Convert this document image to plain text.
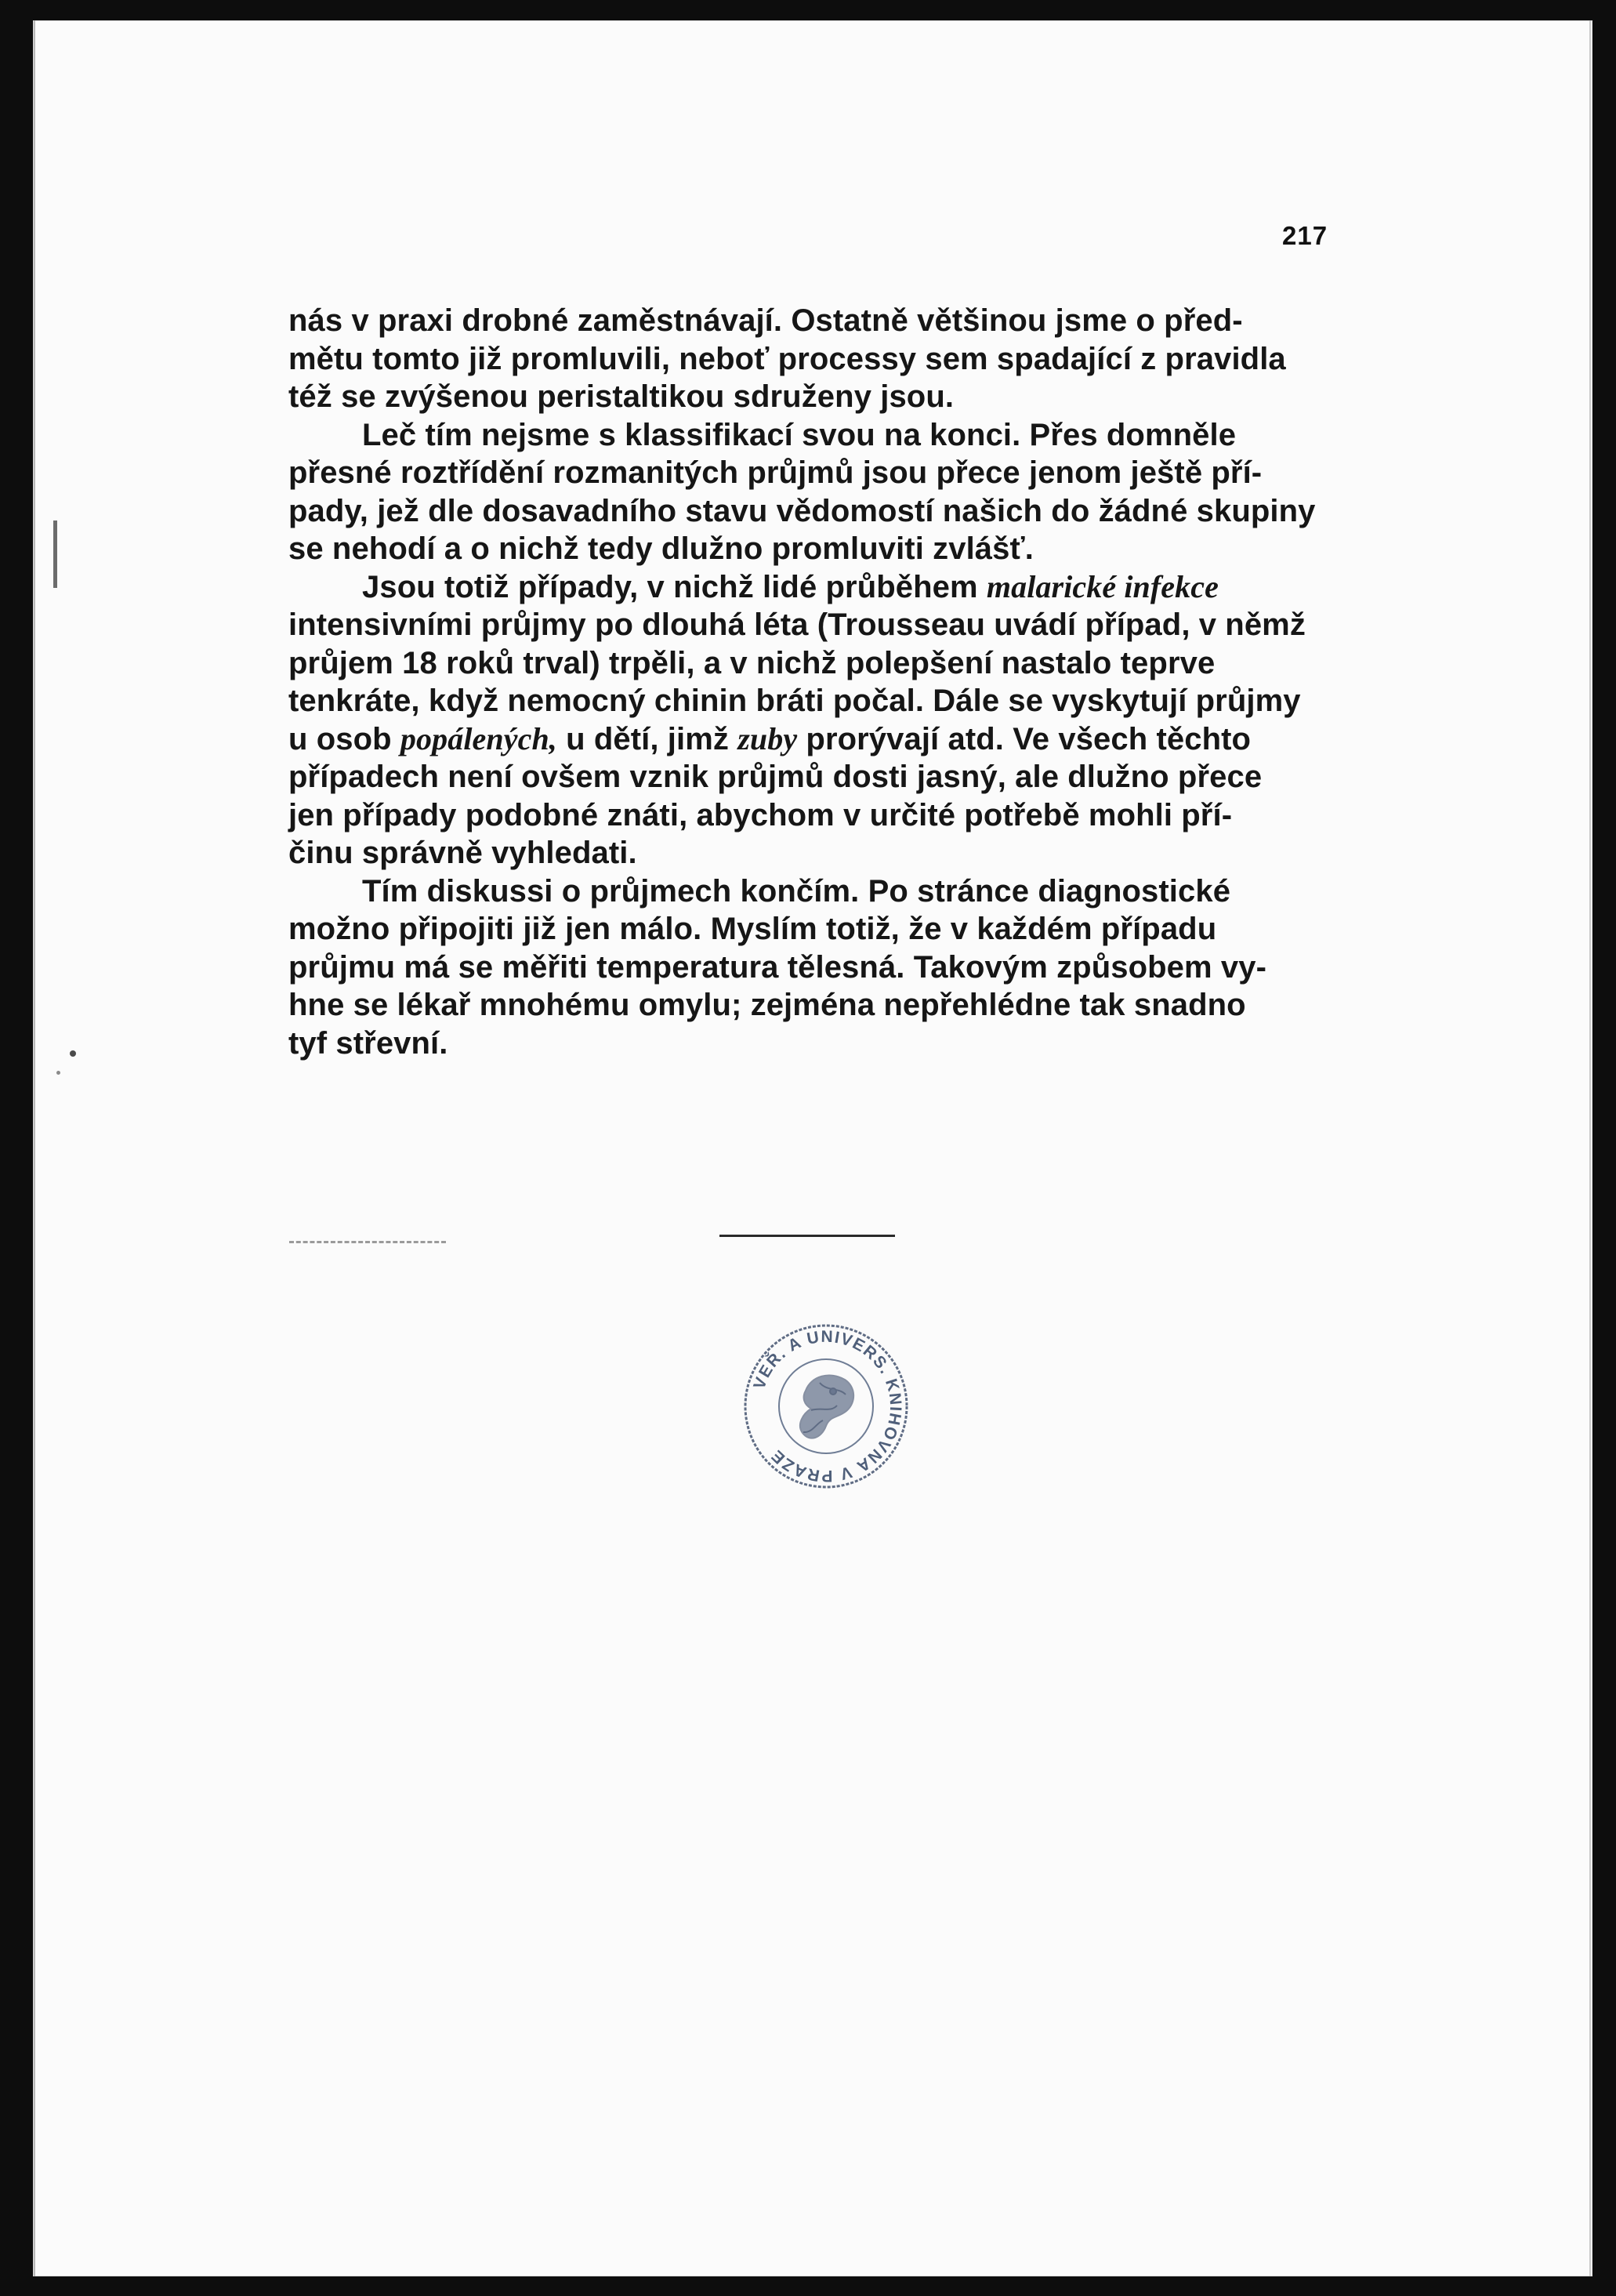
217

nás v praxi drobné zaměstnávají. Ostatně většinou jsme o před-
mětu tomto již promluvili, neboť processy sem spadající z pravidla
též se zvýšenou peristaltikou sdruženy jsou.

Leč tím nejsme s klassifikací svou na konci. Přes domněle
přesné roztřídění rozmanitých průjmů jsou přece jenom ještě pří-
pady, jež dle dosavadního stavu vědomostí našich do žádné skupiny
se nehodí a o nichž tedy dlužno promluviti zvlášť.

Jsou totiž případy, v nichž lidé průběhem malarické infekce
intensivními průjmy po dlouhá léta (Trousseau uvádí případ, v němž
průjem 18 roků trval) trpěli, a v nichž polepšení nastalo teprve
tenkráte, když nemocný chinin bráti počal. Dále se vyskytují průjmy
u osob popálených, u dětí, jimž zuby prorývají atd. Ve všech těchto
případech není ovšem vznik průjmů dosti jasný, ale dlužno přece
jen případy podobné znáti, abychom v určité potřebě mohli pří-
činu správně vyhledati.

Tím diskussi o průjmech končím. Po stránce diagnostické
možno připojiti již jen málo. Myslím totiž, že v každém případu
průjmu má se měřiti temperatura tělesná. Takovým způsobem vy-
hne se lékař mnohému omylu; zejména nepřehlédne tak snadno
tyf střevní.

VEŘ. A UNIVERS. KNIHOVNA V PRAZE
